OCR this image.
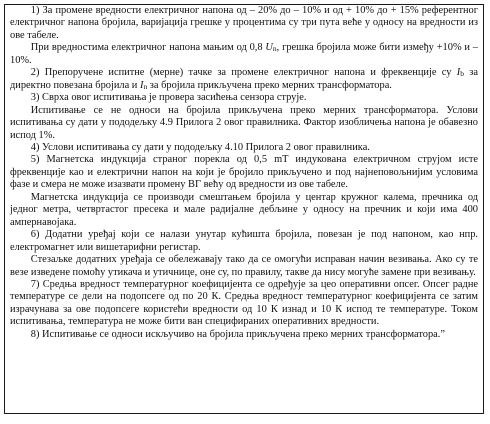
1) За промене вредности електричног напона од – 20% до – 10% и од + 10% до + 15% референтног електричног напона бројила, варијација грешке у процентима су три пута веће у односу на вредности из ове табеле.

При вредностима електричног напона мањим од 0,8 $U_n$, грешка бројила може бити између +10% и – 10%.

2) Препоручене испитне (мерне) тачке за промене електричног напона и фреквенције су $I_b$ за директно повезана бројила и $I_n$ за бројила прикључена преко мерних трансформатора.

3) Сврха овог испитивања је провера засићења сензора струје.

Испитивање се не односи на бројила прикључена преко мерних трансформатора. Услови испитивања су дати у пододељку 4.9 Прилога 2 овог правилника. Фактор изобличења напона је обавезно испод 1%.

4) Услови испитивања су дати у пододељку 4.10 Прилога 2 овог правилника.

5) Магнетска индукција страног порекла од 0,5 mT индукована електричном струјом исте фреквенције као и електрични напон на који је бројило прикључено и под најнеповољнијим условима фазе и смера не може изазвати промену ВГ већу од вредности из ове табеле.

Магнетска индукција се производи смештањем бројила у центар кружног калема, пречника од једног метра, четвртастог пресека и мале радијалне дебљине у односу на пречник и који има 400 ампернавојака.

6) Додатни уређај који се налази унутар кућишта бројила, повезан је под напоном, као нпр. електромагнет или вишетарифни регистар.

Стезаљке додатних уређаја се обележавају тако да се омогући исправан начин везивања. Ако су те везе изведене помоћу утикача и утичнице, оне су, по правилу, такве да нису могуће замене при везивању.

7) Средња вредност температурног коефицијента се одређује за цео оперативни опсег. Опсег радне температуре се дели на подопсеге од по 20 К. Средња вредност температурног коефицијента се затим израчунава за ове подопсеге користећи вредности од 10 К изнад и 10 К испод те температуре. Током испитивања, температура не може бити ван специфираних оперативних вредности.

8) Испитивање се односи искључиво на бројила прикључена преко мерних трансформатора.”
